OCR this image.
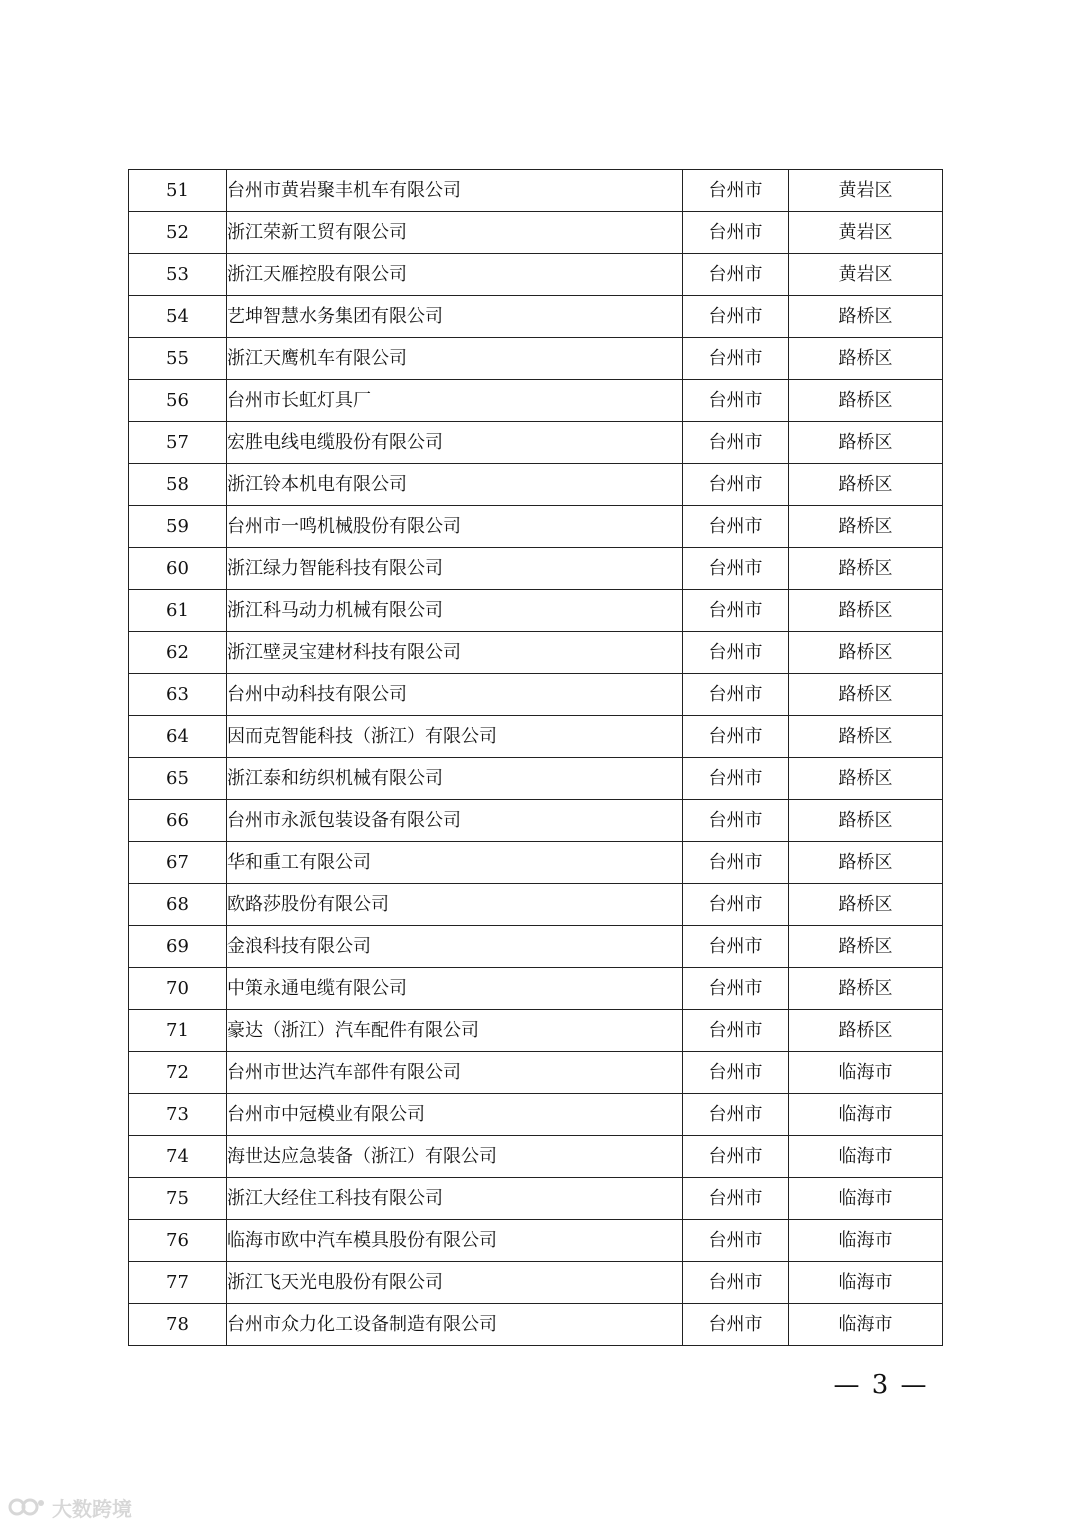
51	台州市黄岩聚丰机车有限公司	台州市	黄岩区
52	浙江荣新工贸有限公司	台州市	黄岩区
53	浙江天雁控股有限公司	台州市	黄岩区
54	艺坤智慧水务集团有限公司	台州市	路桥区
55	浙江天鹰机车有限公司	台州市	路桥区
56	台州市长虹灯具厂	台州市	路桥区
57	宏胜电线电缆股份有限公司	台州市	路桥区
58	浙江铃本机电有限公司	台州市	路桥区
59	台州市一鸣机械股份有限公司	台州市	路桥区
60	浙江绿力智能科技有限公司	台州市	路桥区
61	浙江科马动力机械有限公司	台州市	路桥区
62	浙江壁灵宝建材科技有限公司	台州市	路桥区
63	台州中动科技有限公司	台州市	路桥区
64	因而克智能科技（浙江）有限公司	台州市	路桥区
65	浙江泰和纺织机械有限公司	台州市	路桥区
66	台州市永派包装设备有限公司	台州市	路桥区
67	华和重工有限公司	台州市	路桥区
68	欧路莎股份有限公司	台州市	路桥区
69	金浪科技有限公司	台州市	路桥区
70	中策永通电缆有限公司	台州市	路桥区
71	豪达（浙江）汽车配件有限公司	台州市	路桥区
72	台州市世达汽车部件有限公司	台州市	临海市
73	台州市中冠模业有限公司	台州市	临海市
74	海世达应急装备（浙江）有限公司	台州市	临海市
75	浙江大经住工科技有限公司	台州市	临海市
76	临海市欧中汽车模具股份有限公司	台州市	临海市
77	浙江飞天光电股份有限公司	台州市	临海市
78	台州市众力化工设备制造有限公司	台州市	临海市
— 3 —
大数跨境
